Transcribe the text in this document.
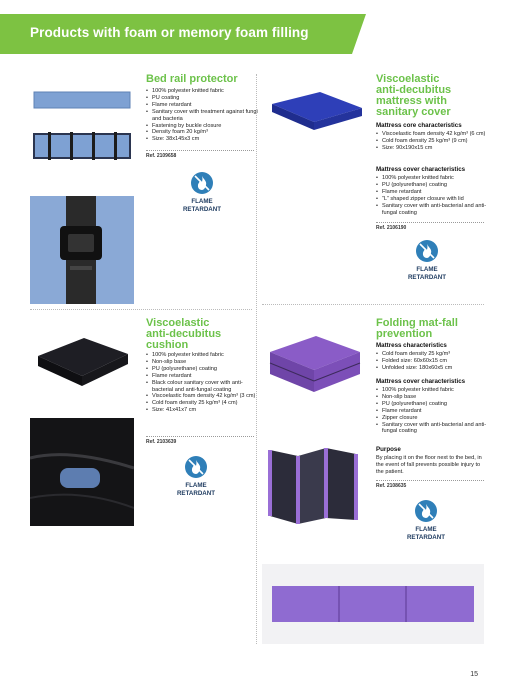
Products with foam or memory foam filling
Bed rail protector
• 100% polyester knitted fabric
• PU coating
• Flame retardant
• Sanitary cover with treatment against fungi and bacteria
• Fastening by buckle closure
• Density foam 20 kg/m³
• Size: 38x145x3 cm
Ref. 2109658
FLAME
RETARDANT
Viscoelastic
anti-decubitus
mattress with
sanitary cover
Mattress core characteristics
• Viscoelastic foam density 42 kg/m³ (6 cm)
• Cold foam density 25 kg/m³ (9 cm)
• Size: 90x190x15 cm
Mattress cover characteristics
• 100% polyester knitted fabric
• PU (polyurethane) coating
• Flame retardant
• “L” shaped zipper closure with lid
• Sanitary cover with anti-bacterial and anti-fungal coating
Ref. 2106190
FLAME
RETARDANT
Viscoelastic
anti-decubitus
cushion
• 100% polyester knitted fabric
• Non-slip base
• PU (polyurethane) coating
• Flame retardant
• Black colour sanitary cover with anti-bacterial and anti-fungal coating
• Viscoelastic foam density 42 kg/m³ (3 cm)
• Cold foam density 25 kg/m³ (4 cm)
• Size: 41x41x7 cm
Ref. 2103639
FLAME
RETARDANT
Folding mat-fall
prevention
Mattress characteristics
• Cold foam density 25 kg/m³
• Folded size: 60x60x15 cm
• Unfolded size: 180x60x5 cm
Mattress cover characteristics
• 100% polyester knitted fabric
• Non-slip base
• PU (polyurethane) coating
• Flame retardant
• Zipper closure
• Sanitary cover with anti-bacterial and anti-fungal coating
Purpose
By placing it on the floor next to the bed, in the event of fall prevents possible injury to the patient.
Ref. 2108635
FLAME
RETARDANT
15
